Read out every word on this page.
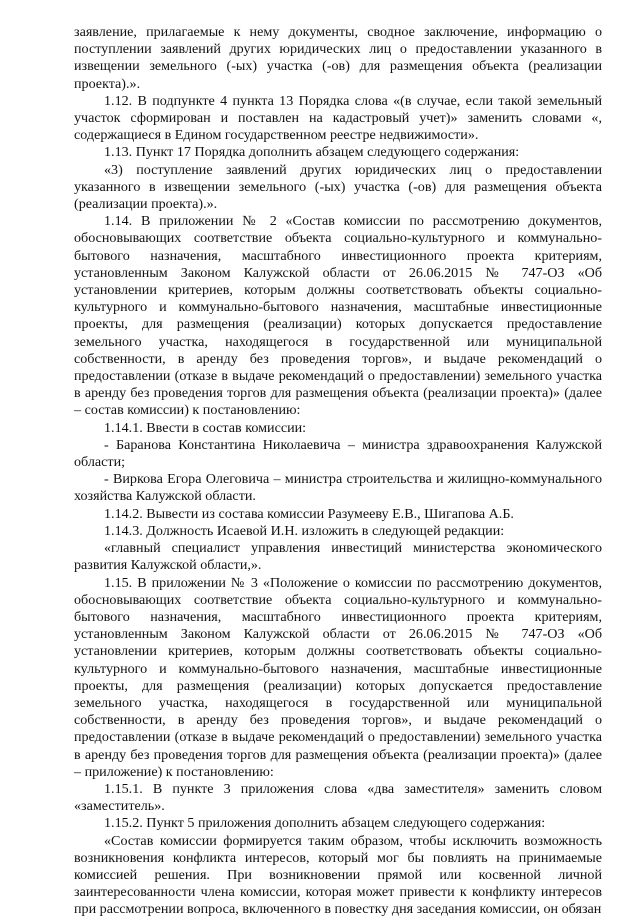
заявление, прилагаемые к нему документы, сводное заключение, информацию о поступлении заявлений других юридических лиц о предоставлении указанного в извещении земельного (-ых) участка (-ов) для размещения объекта (реализации проекта).».

1.12. В подпункте 4 пункта 13 Порядка слова «(в случае, если такой земельный участок сформирован и поставлен на кадастровый учет)» заменить словами «, содержащиеся в Едином государственном реестре недвижимости».

1.13. Пункт 17 Порядка дополнить абзацем следующего содержания:

«3) поступление заявлений других юридических лиц о предоставлении указанного в извещении земельного (-ых) участка (-ов) для размещения объекта (реализации проекта).».

1.14. В приложении № 2 «Состав комиссии по рассмотрению документов, обосновывающих соответствие объекта социально-культурного и коммунально-бытового назначения, масштабного инвестиционного проекта критериям, установленным Законом Калужской области от 26.06.2015 № 747-ОЗ «Об установлении критериев, которым должны соответствовать объекты социально-культурного и коммунально-бытового назначения, масштабные инвестиционные проекты, для размещения (реализации) которых допускается предоставление земельного участка, находящегося в государственной или муниципальной собственности, в аренду без проведения торгов», и выдаче рекомендаций о предоставлении (отказе в выдаче рекомендаций о предоставлении) земельного участка в аренду без проведения торгов для размещения объекта (реализации проекта)» (далее – состав комиссии) к постановлению:

1.14.1. Ввести в состав комиссии:

- Баранова Константина Николаевича – министра здравоохранения Калужской области;

- Виркова Егора Олеговича – министра строительства и жилищно-коммунального хозяйства Калужской области.

1.14.2. Вывести из состава комиссии Разумееву Е.В., Шигапова А.Б.

1.14.3. Должность Исаевой И.Н. изложить в следующей редакции:

«главный специалист управления инвестиций министерства экономического развития Калужской области,».

1.15. В приложении № 3 «Положение о комиссии по рассмотрению документов, обосновывающих соответствие объекта социально-культурного и коммунально-бытового назначения, масштабного инвестиционного проекта критериям, установленным Законом Калужской области от 26.06.2015 № 747-ОЗ «Об установлении критериев, которым должны соответствовать объекты социально-культурного и коммунально-бытового назначения, масштабные инвестиционные проекты, для размещения (реализации) которых допускается предоставление земельного участка, находящегося в государственной или муниципальной собственности, в аренду без проведения торгов», и выдаче рекомендаций о предоставлении (отказе в выдаче рекомендаций о предоставлении) земельного участка в аренду без проведения торгов для размещения объекта (реализации проекта)» (далее – приложение) к постановлению:

1.15.1. В пункте 3 приложения слова «два заместителя» заменить словом «заместитель».

1.15.2. Пункт 5 приложения дополнить абзацем следующего содержания:

«Состав комиссии формируется таким образом, чтобы исключить возможность возникновения конфликта интересов, который мог бы повлиять на принимаемые комиссией решения. При возникновении прямой или косвенной личной заинтересованности члена комиссии, которая может привести к конфликту интересов при рассмотрении вопроса, включенного в повестку дня заседания комиссии, он обязан
